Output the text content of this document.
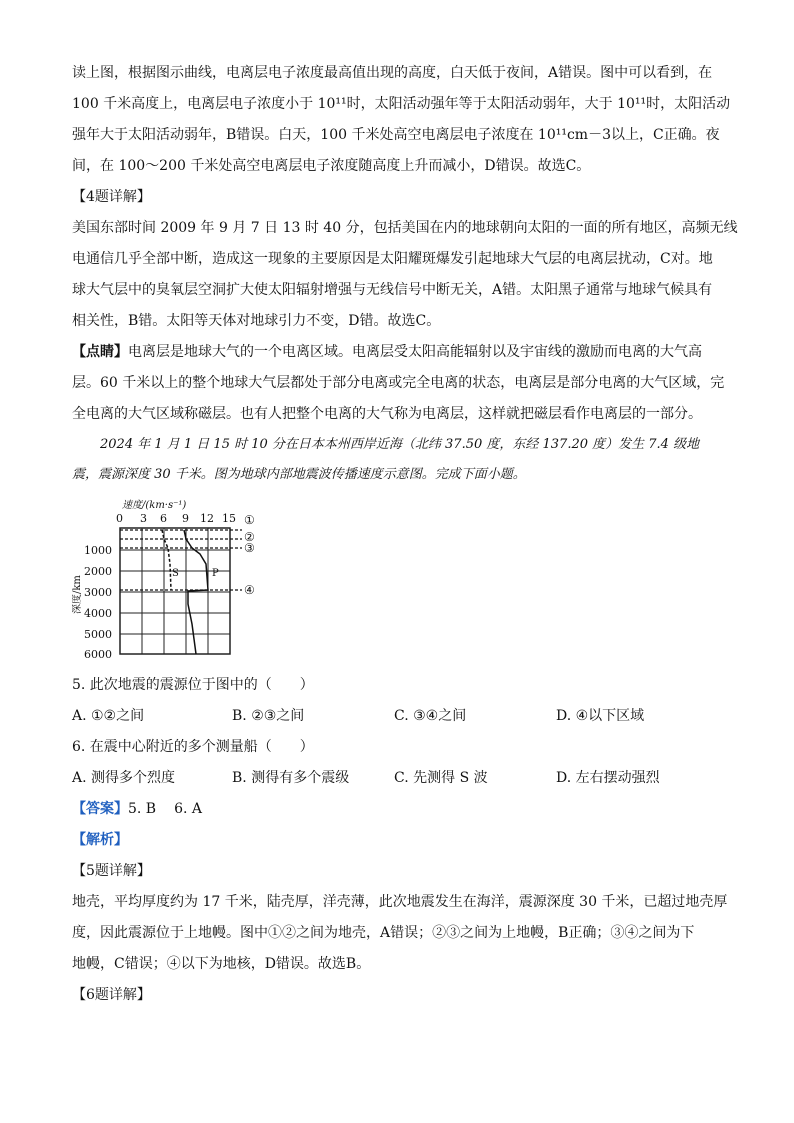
读上图，根据图示曲线，电离层电子浓度最高值出现的高度，白天低于夜间，A错误。图中可以看到，在
100 千米高度上，电离层电子浓度小于 10¹¹时，太阳活动强年等于太阳活动弱年，大于 10¹¹时，太阳活动
强年大于太阳活动弱年，B错误。白天，100 千米处高空电离层电子浓度在 10¹¹cm－3以上，C正确。夜
间，在 100～200 千米处高空电离层电子浓度随高度上升而减小，D错误。故选C。

【4题详解】

美国东部时间 2009 年 9 月 7 日 13 时 40 分，包括美国在内的地球朝向太阳的一面的所有地区，高频无线
电通信几乎全部中断，造成这一现象的主要原因是太阳耀斑爆发引起地球大气层的电离层扰动，C对。地
球大气层中的臭氧层空洞扩大使太阳辐射增强与无线信号中断无关，A错。太阳黑子通常与地球气候具有
相关性，B错。太阳等天体对地球引力不变，D错。故选C。

【点睛】电离层是地球大气的一个电离区域。电离层受太阳高能辐射以及宇宙线的激励而电离的大气高
层。60 千米以上的整个地球大气层都处于部分电离或完全电离的状态，电离层是部分电离的大气区域，完
全电离的大气区域称磁层。也有人把整个电离的大气称为电离层，这样就把磁层看作电离层的一部分。

2024 年 1 月 1 日 15 时 10 分在日本本州西岸近海（北纬 37.50 度，东经 137.20 度）发生 7.4 级地
震，震源深度 30 千米。图为地球内部地震波传播速度示意图。完成下面小题。

速度/(km·s⁻¹)
0 3 6 9 12 15
1000
2000
3000
4000
5000
6000
深度/km
S	P
①
②
③
④

5. 此次地震的震源位于图中的（　　）

A. ①②之间	B. ②③之间	C. ③④之间	D. ④以下区域

6. 在震中心附近的多个测量船（　　）

A. 测得多个烈度	B. 测得有多个震级	C. 先测得 S 波	D. 左右摆动强烈

【答案】5. B 6. A

【解析】

【5题详解】

地壳，平均厚度约为 17 千米，陆壳厚，洋壳薄，此次地震发生在海洋，震源深度 30 千米，已超过地壳厚
度，因此震源位于上地幔。图中①②之间为地壳，A错误；②③之间为上地幔，B正确；③④之间为下
地幔，C错误；④以下为地核，D错误。故选B。

【6题详解】
